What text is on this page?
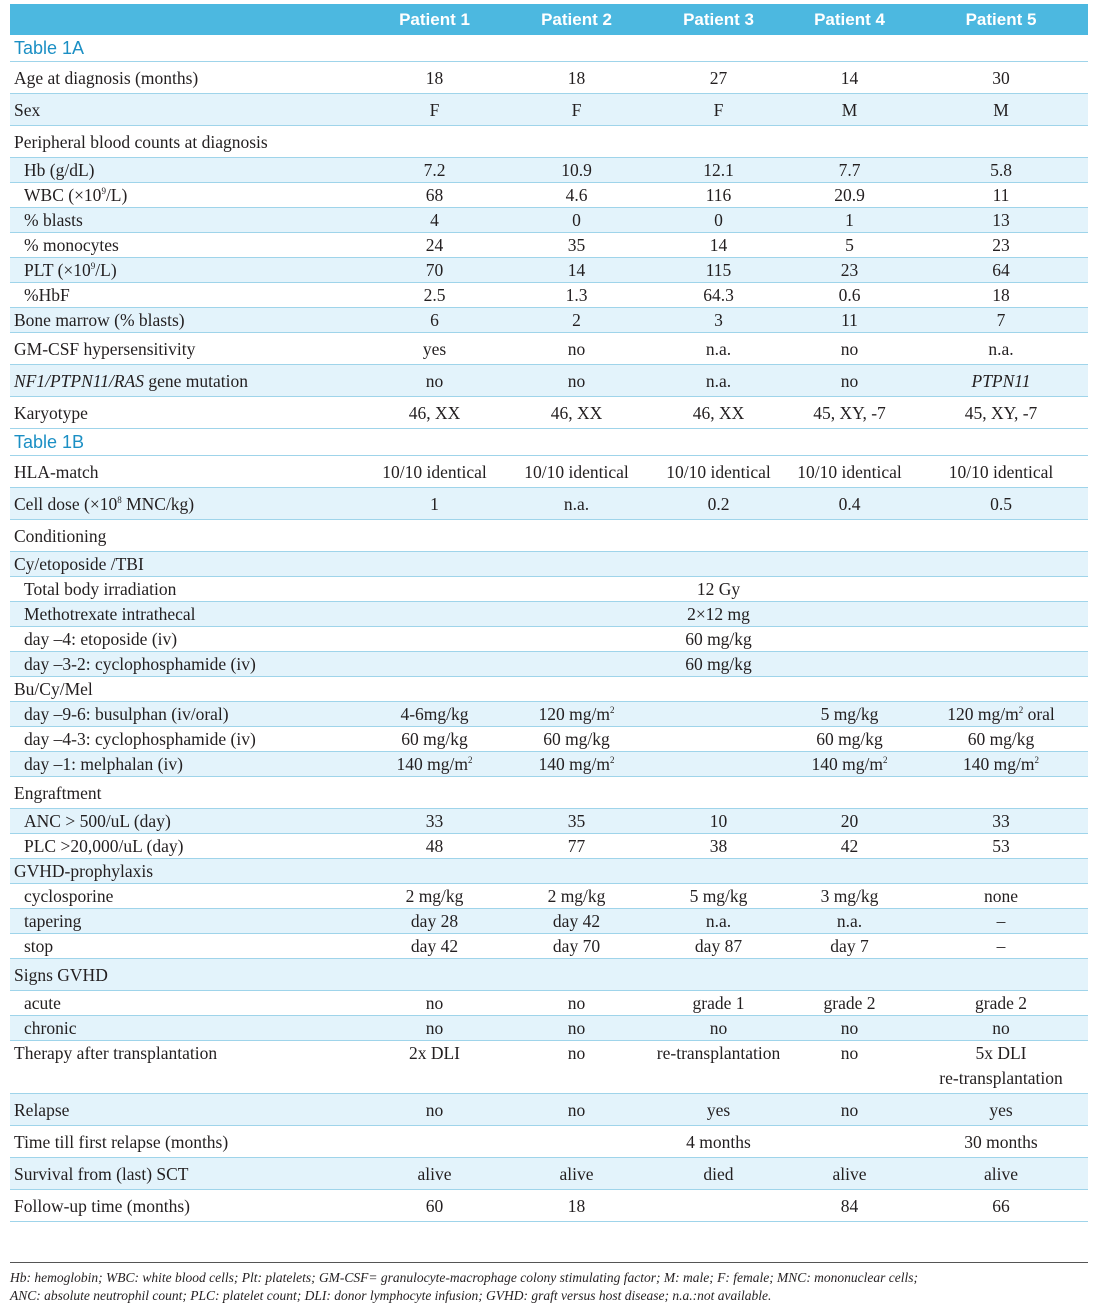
	Patient 1	Patient 2	Patient 3	Patient 4	Patient 5
Table 1A					
Age at diagnosis (months)	18	18	27	14	30
Sex	F	F	F	M	M
Peripheral blood counts at diagnosis					
Hb (g/dL)	7.2	10.9	12.1	7.7	5.8
WBC $(\times 10^9/L)$	68	4.6	116	20.9	11
% blasts	4	0	0	1	13
% monocytes	24	35	14	5	23
PLT $(\times 10^9/L)$	70	14	115	23	64
%HbF	2.5	1.3	64.3	0.6	18
Bone marrow (% blasts)	6	2	3	11	7
GM-CSF hypersensitivity	yes	no	n.a.	no	n.a.
NF1/PTPN11/RAS gene mutation	no	no	n.a.	no	PTPN11
Karyotype	46, XX	46, XX	46, XX	45, XY, -7	45, XY, -7
Table 1B					
HLA-match	10/10 identical	10/10 identical	10/10 identical	10/10 identical	10/10 identical
Cell dose ($\times 10^8$ MNC/kg)	1	n.a.	0.2	0.4	0.5
Conditioning					
Cy/etoposide /TBI					
Total body irradiation			12 Gy		
Methotrexate intrathecal			2×12 mg		
day –4: etoposide (iv)			60 mg/kg		
day –3-2: cyclophosphamide (iv)			60 mg/kg		
Bu/Cy/Mel					
day –9-6: busulphan (iv/oral)	4-6mg/kg	120 $mg/m^2$		5 mg/kg	120 $mg/m^2$ oral
day –4-3: cyclophosphamide (iv)	60 mg/kg	60 mg/kg		60 mg/kg	60 mg/kg
day –1: melphalan (iv)	140 $mg/m^2$	140 $mg/m^2$		140 $mg/m^2$	140 $mg/m^2$
Engraftment					
ANC > 500/uL (day)	33	35	10	20	33
PLC >20,000/uL (day)	48	77	38	42	53
GVHD-prophylaxis					
cyclosporine	2 mg/kg	2 mg/kg	5 mg/kg	3 mg/kg	none
tapering	day 28	day 42	n.a.	n.a.	–
stop	day 42	day 70	day 87	day 7	–
Signs GVHD					
acute	no	no	grade 1	grade 2	grade 2
chronic	no	no	no	no	no
Therapy after transplantation	2x DLI	no	re-transplantation	no	5x DLI
re-transplantation

Relapse	no	no	yes	no	yes
Time till first relapse (months)			4 months		30 months
Survival from (last) SCT	alive	alive	died	alive	alive
Follow-up time (months)	60	18		84	66
Hb: hemoglobin; WBC: white blood cells; Plt: platelets; GM-CSF= granulocyte-macrophage colony stimulating factor; M: male; F: female; MNC: mononuclear cells;
ANC: absolute neutrophil count; PLC: platelet count; DLI: donor lymphocyte infusion; GVHD: graft versus host disease; n.a.:not available.
